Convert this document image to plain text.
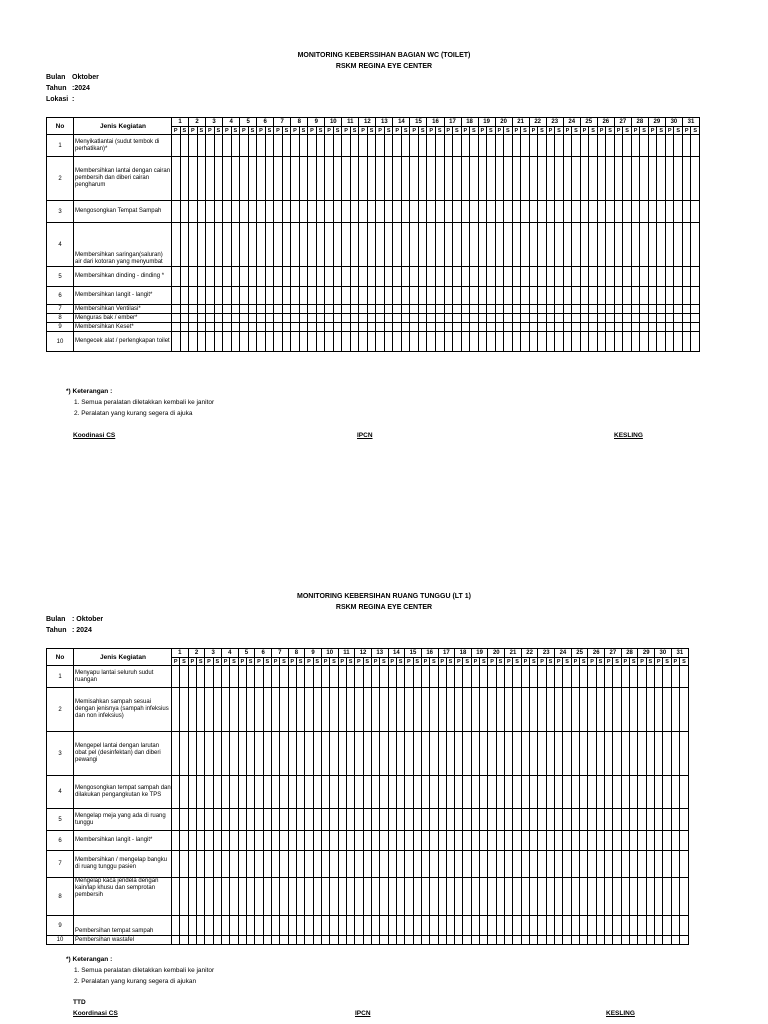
MONITORING KEBERSSIHAN BAGIAN WC (TOILET)
RSKM REGINA EYE CENTER
Bulan Oktober
Tahun :2024
Lokasi :
No	Jenis Kegiatan	1		2		3		4		5		6		7		8		9		10		11		12		13		14		15		16		17		18		19		20		21		22		23		24		25		26		27		28		29		30		31	
		P	S	P	S	P	S	P	S	P	S	P	S	P	S	P	S	P	S	P	S	P	S	P	S	P	S	P	S	P	S	P	S	P	S	P	S	P	S	P	S	P	S	P	S	P	S	P	S	P	S	P	S	P	S	P	S	P	S	P	S	P	S
1	Menyikatlantai (sudut tembok di perhatikan)*																																																														
2	Membersihkan lantai dengan cairan pembersih dan diberi cairan pengharum																																																														
3	Mengosongkan Tempat Sampah																																																														
4	Membersihkan saringan(saluran) air dari kotoran yang menyumbat																																																														
5	Membersihkan dinding - dinding *																																																														
6	Membersihkan langit - langit*																																																														
7	Membersihkan Ventilasi*																																																														
8	Menguras bak / ember*																																																														
9	Membersihkan Keset*																																																														
10	Mengecek alat / perlengkapan toilet																																																														
*) Keterangan :
1. Semua peralatan diletakkan kembali ke janitor
2. Peralatan yang kurang segera di ajuka
Koodinasi CS	IPCN	KESLING
MONITORING KEBERSIHAN RUANG TUNGGU (LT 1)
RSKM REGINA EYE CENTER
Bulan : Oktober
Tahun : 2024
No	Jenis Kegiatan	1		2		3		4		5		6		7		8		9		10		11		12		13		14		15		16		17		18		19		20		21		22		23		24		25		26		27		28		29		30		31	
		P	S	P	S	P	S	P	S	P	S	P	S	P	S	P	S	P	S	P	S	P	S	P	S	P	S	P	S	P	S	P	S	P	S	P	S	P	S	P	S	P	S	P	S	P	S	P	S	P	S	P	S	P	S	P	S	P	S	P	S	P	S
1	Menyapu lantai seluruh sudut ruangan																																																														
2	Memisahkan sampah sesuai dengan jenisnya (sampah infeksius dan non infeksius)																																																														
3	Mengepel lantai dengan larutan obat pel (desinfektan) dan diberi pewangi																																																														
4	Mengosongkan tempat sampah dan dilakukan pengangkutan ke TPS																																																														
5	Mengelap meja yang ada di ruang tunggu																																																														
6	Membersihkan langit - langit*																																																														
7	Membersihkan / mengelap bangku di ruang tunggu pasien																																																														
8	Mengelap kaca jendela dengan kain/lap khusu dan semprotan pembersih																																																														
9	Pembersihan tempat sampah																																																														
10	Pembersihan wastafel																																																														
*) Keterangan :
1. Semua peralatan diletakkan kembali ke janitor
2. Peralatan yang kurang segera di ajukan
TTD
Koordinasi CS	IPCN	KESLING
